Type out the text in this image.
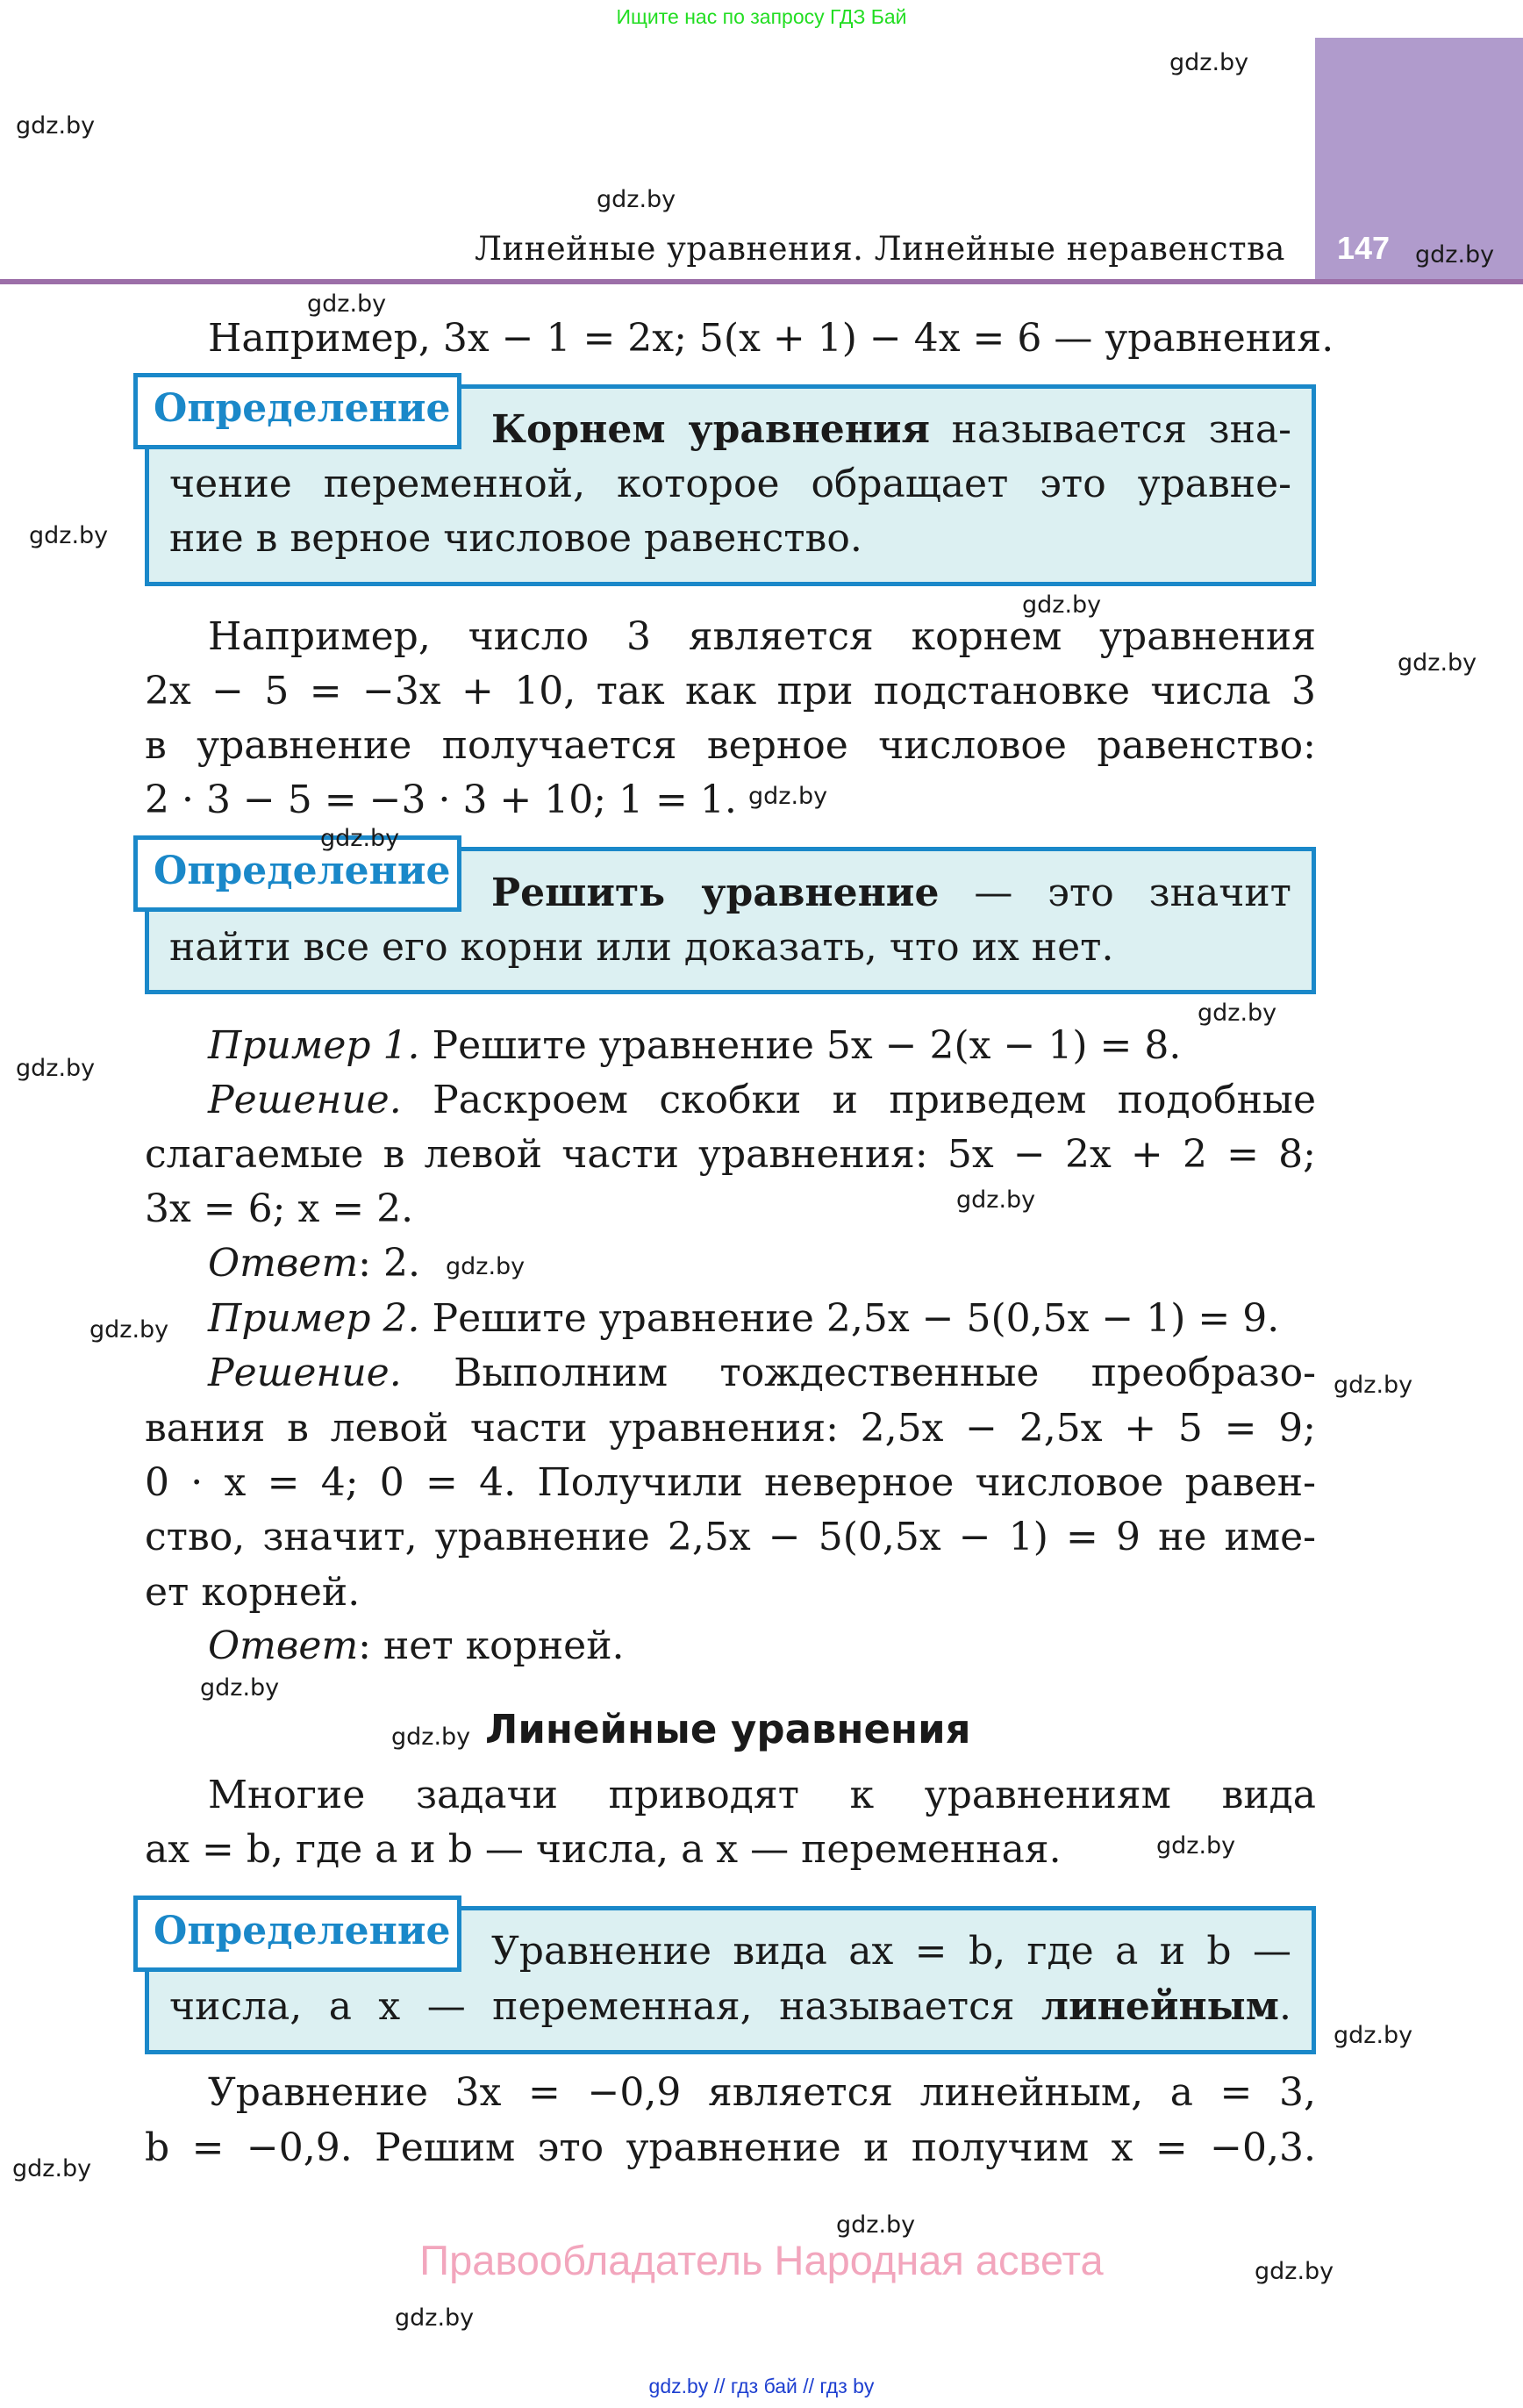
Ищите нас по запросу ГДЗ Бай
147
Линейные уравнения. Линейные неравенства
Например, 3x − 1 = 2x; 5(x + 1) − 4x = 6 — уравнения.
Определение Корнем уравнения называется зна-
чение переменной, которое обращает это уравне-
ние в верное числовое равенство.
Например, число 3 является корнем уравнения
2x − 5 = −3x + 10, так как при подстановке числа 3
в уравнение получается верное числовое равенство:
2 · 3 − 5 = −3 · 3 + 10; 1 = 1.
Определение Решить уравнение — это значит
найти все его корни или доказать, что их нет.
Пример 1. Решите уравнение 5x − 2(x − 1) = 8.
Решение. Раскроем скобки и приведем подобные
слагаемые в левой части уравнения: 5x − 2x + 2 = 8;
3x = 6; x = 2.
Ответ: 2.
Пример 2. Решите уравнение 2,5x − 5(0,5x − 1) = 9.
Решение. Выполним тождественные преобразо-
вания в левой части уравнения: 2,5x − 2,5x + 5 = 9;
0 · x = 4; 0 = 4. Получили неверное числовое равен-
ство, значит, уравнение 2,5x − 5(0,5x − 1) = 9 не име-
ет корней.
Ответ: нет корней.
Линейные уравнения
Многие задачи приводят к уравнениям вида
ax = b, где a и b — числа, a x — переменная.
Определение Уравнение вида ax = b, где a и b —
числа, a x — переменная, называется линейным.
Уравнение 3x = −0,9 является линейным, a = 3,
b = −0,9. Решим это уравнение и получим x = −0,3.
Правообладатель Народная асвета
gdz.by // гдз бай // гдз by
gdz.by
gdz.by
gdz.by
gdz.by
gdz.by
gdz.by
gdz.by
gdz.by
gdz.by
gdz.by
gdz.by
gdz.by
gdz.by
gdz.by
gdz.by
gdz.by
gdz.by
gdz.by
gdz.by
gdz.by
gdz.by
gdz.by
gdz.by
gdz.by
